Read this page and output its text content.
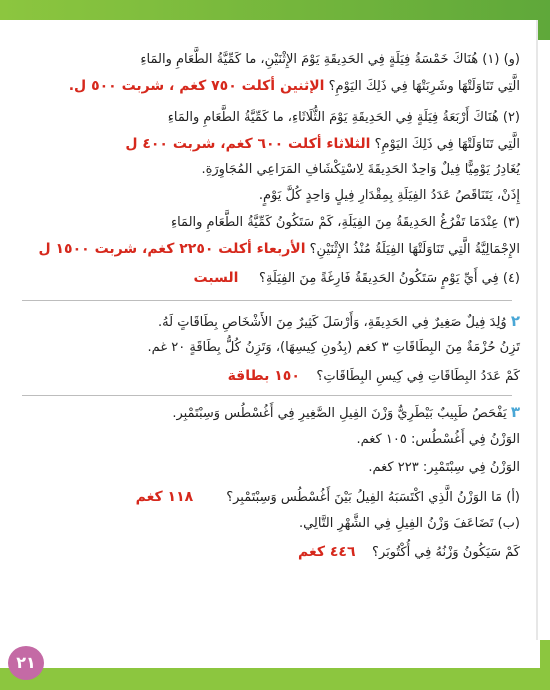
٢١
(و) (١) هُنَاكَ خَمْسَةُ فِيَلَةٍ فِي الحَدِيقَةِ يَوْمَ الإِثْنَيْنِ، ما كَمِّيَّةُ الطَّعَامِ والمَاءِ
الَّتِي تَنَاوَلَتْهَا وشَرِبَتْهَا فِي ذَلِكَ اليَوْمِ؟ الإثنين أكلت ٧٥٠ كغم ، شربت ٥٠٠ ل.
(٢) هُنَاكَ أَرْبَعَةُ فِيَلَةٍ فِي الحَدِيقَةِ يَوْمَ الثُّلَاثَاءِ، ما كَمِّيَّةُ الطَّعَامِ والمَاءِ
الَّتِي تَنَاوَلَتْهَا فِي ذَلِكَ اليَوْمِ؟ الثلاثاء أكلت ٦٠٠ كغم، شربت ٤٠٠ ل
يُغَادِرُ يَوْمِيًّا فِيلٌ وَاحِدٌ الحَدِيقَةَ لِاسْتِكْشَافِ المَرَاعِي المُجَاوِرَةِ.
إِذَنْ، يَتَنَاقَصُ عَدَدُ الفِيَلَةِ بِمِقْدَارِ فِيلٍ وَاحِدٍ كُلَّ يَوْمٍ.
(٣) عِنْدَمَا تَفْرُغُ الحَدِيقَةُ مِنَ الفِيَلَةِ، كَمْ سَتَكُونُ كَمِّيَّةُ الطَّعَامِ والمَاءِ
الإِجْمَالِيَّةُ الَّتِي تَنَاوَلَتْهَا الفِيَلَةُ مُنْذُ الإِثْنَيْنِ؟ الأربعاء أكلت ٢٢٥٠ كغم، شربت ١٥٠٠ ل
(٤) فِي أَيِّ يَوْمٍ سَتَكُونُ الحَدِيقَةُ فَارِغَةً مِنَ الفِيَلَةِ؟     السبت
٢ وُلِدَ فِيلٌ صَغِيرٌ فِي الحَدِيقَةِ، وَأَرْسَلَ كَثِيرٌ مِنَ الأَشْخَاصِ بِطَاقَاتٍ لَهُ.
تَزِنُ حُزْمَةٌ مِنَ البِطَاقَاتِ ٣ كغم (بِدُونِ كِيسِهَا)، وَتَزِنُ كُلُّ بِطَاقَةٍ ٢٠ غم.
كَمْ عَدَدُ البِطَاقَاتِ فِي كِيسِ البِطَاقَاتِ؟    ١٥٠ بطاقة
٣ يَفْحَصُ طَبِيبٌ بَيْطَرِيٌّ وَزْنَ الفِيلِ الصَّغِيرِ فِي أَغُسْطُس وَسِبْتَمْبِر.
الوَزْنُ فِي أَغُسْطُس: ١٠٥ كغم.
الوَزْنُ فِي سِبْتَمْبِر: ٢٢٣ كغم.
(أ) مَا الوَزْنُ الَّذِي اكْتَسَبَهُ الفِيلُ بَيْنَ أَغُسْطُس وَسِبْتَمْبِر؟        ١١٨ كغم
(ب) تَضَاعَفَ وَزْنُ الفِيلِ فِي الشَّهْرِ التَّالِي.
كَمْ سَيَكُونُ وَزْنُهُ فِي أُكْتُوبَر؟    ٤٤٦ كغم
